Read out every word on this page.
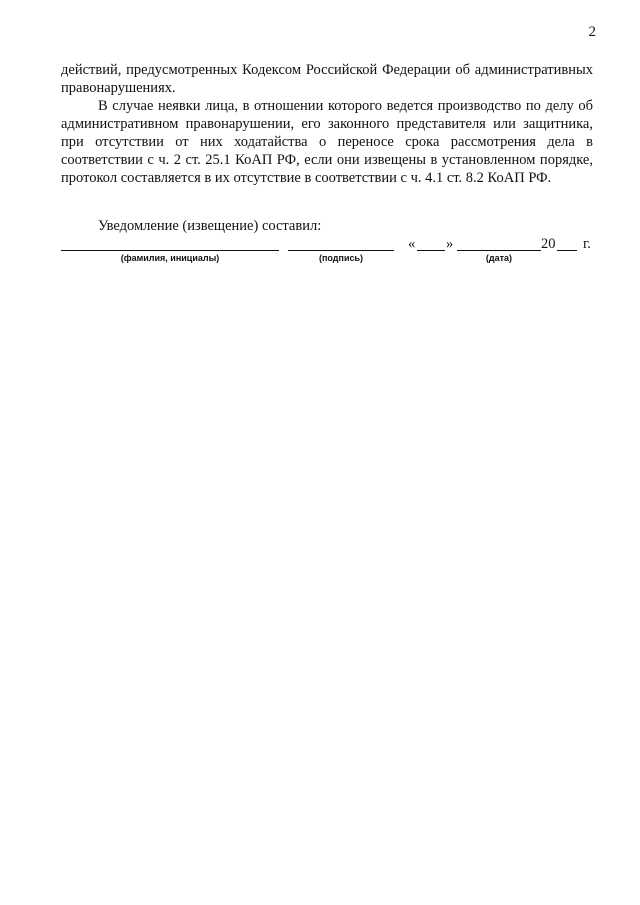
2

действий, предусмотренных Кодексом Российской Федерации об административных правонарушениях.

В случае неявки лица, в отношении которого ведется производство по делу об административном правонарушении, его законного представителя или защитника, при отсутствии от них ходатайства о переносе срока рассмотрения дела в соответствии с ч. 2 ст. 25.1 КоАП РФ, если они извещены в установленном порядке, протокол составляется в их отсутствие в соответствии с ч. 4.1 ст. 8.2 КоАП РФ.

Уведомление (извещение) составил:
(фамилия, инициалы)	(подпись)
« »
(дата)
20 г.
